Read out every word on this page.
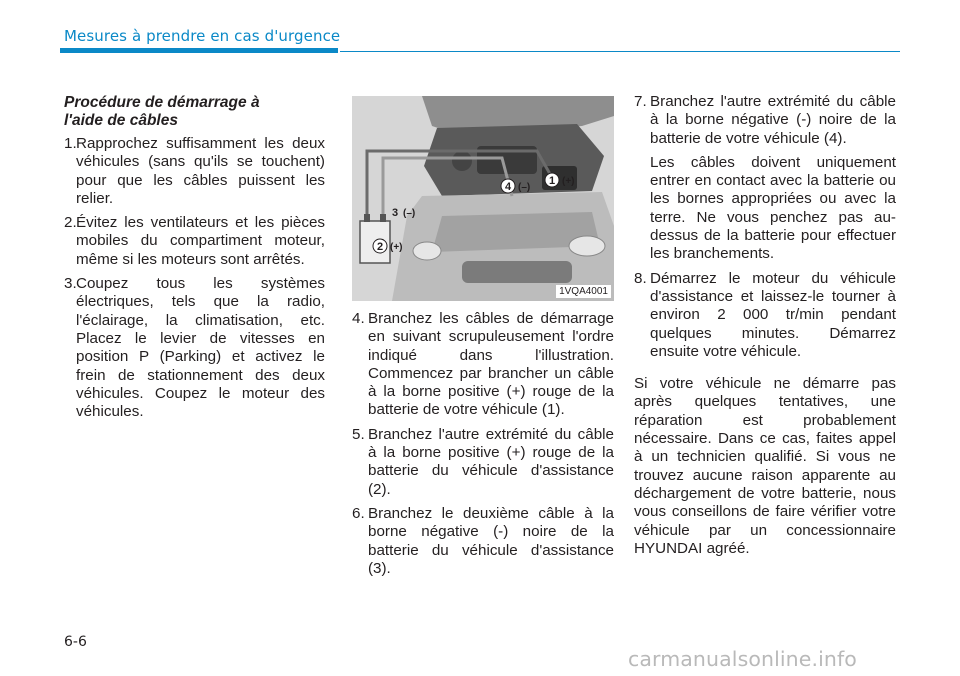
Mesures à prendre en cas d'urgence
Procédure de démarrage à
l'aide de câbles
1.Rapprochez suffisamment les deux véhicules (sans qu'ils se touchent) pour que les câbles puissent les relier.
2.Évitez les ventilateurs et les pièces mobiles du compartiment moteur, même si les moteurs sont arrêtés.
3.Coupez tous les systèmes électriques, tels que la radio, l'éclairage, la climatisation, etc. Placez le levier de vitesses en position P (Parking) et activez le frein de stationnement des deux véhicules. Coupez le moteur des véhicules.
1 (+)
2 (+)
3 (–)
4 (–)
1VQA4001
4. Branchez les câbles de démarrage en suivant scrupuleusement l'ordre indiqué dans l'illustration. Commencez par brancher un câble à la borne positive (+) rouge de la batterie de votre véhicule (1).
5. Branchez l'autre extrémité du câble à la borne positive (+) rouge de la batterie du véhicule d'assistance (2).
6. Branchez le deuxième câble à la borne négative (-) noire de la batterie du véhicule d'assistance (3).
7. Branchez l'autre extrémité du câble à la borne négative (-) noire de la batterie de votre véhicule (4).
Les câbles doivent uniquement entrer en contact avec la batterie ou les bornes appropriées ou avec la terre. Ne vous penchez pas au-dessus de la batterie pour effectuer les branchements.
8. Démarrez le moteur du véhicule d'assistance et laissez-le tourner à environ 2 000 tr/min pendant quelques minutes. Démarrez ensuite votre véhicule.
Si votre véhicule ne démarre pas après quelques tentatives, une réparation est probablement nécessaire. Dans ce cas, faites appel à un technicien qualifié. Si vous ne trouvez aucune raison apparente au déchargement de votre batterie, nous vous conseillons de faire vérifier votre véhicule par un concessionnaire HYUNDAI agréé.
6-6
carmanualsonline.info
